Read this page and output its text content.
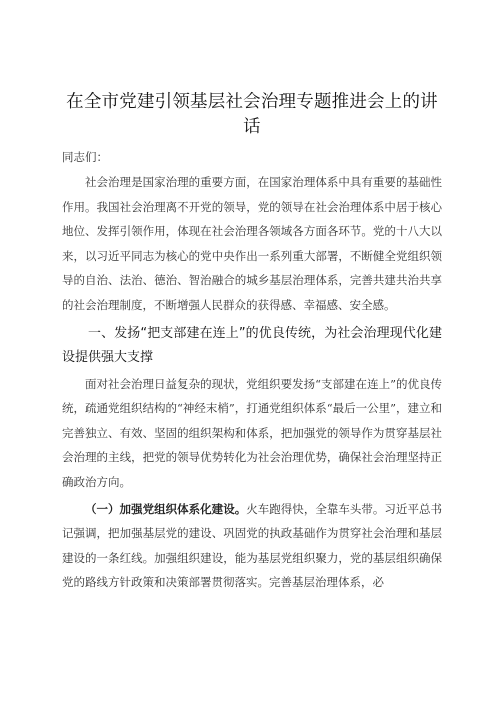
在全市党建引领基层社会治理专题推进会上的讲话

同志们：

社会治理是国家治理的重要方面，在国家治理体系中具有重要的基础性作用。我国社会治理离不开党的领导，党的领导在社会治理体系中居于核心地位、发挥引领作用，体现在社会治理各领域各方面各环节。党的十八大以来，以习近平同志为核心的党中央作出一系列重大部署，不断健全党组织领导的自治、法治、德治、智治融合的城乡基层治理体系，完善共建共治共享的社会治理制度，不断增强人民群众的获得感、幸福感、安全感。

一、发扬“把支部建在连上”的优良传统，为社会治理现代化建设提供强大支撑

面对社会治理日益复杂的现状，党组织要发扬“支部建在连上”的优良传统，疏通党组织结构的“神经末梢”，打通党组织体系“最后一公里”，建立和完善独立、有效、坚固的组织架构和体系，把加强党的领导作为贯穿基层社会治理的主线，把党的领导优势转化为社会治理优势，确保社会治理坚持正确政治方向。

（一）加强党组织体系化建设。火车跑得快，全靠车头带。习近平总书记强调，把加强基层党的建设、巩固党的执政基础作为贯穿社会治理和基层建设的一条红线。加强组织建设，能为基层党组织聚力，党的基层组织确保党的路线方针政策和决策部署贯彻落实。完善基层治理体系，必
